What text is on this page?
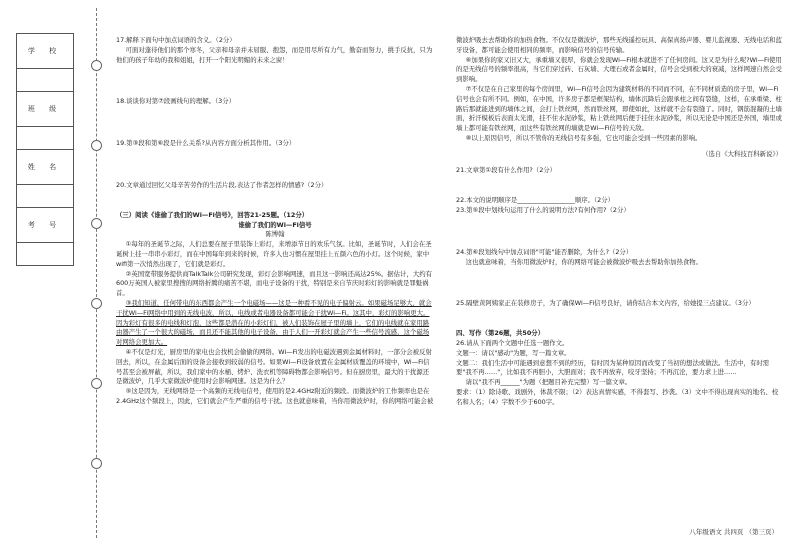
学 校
班 级
姓 名
考 号

17.解释下面句中加点词语的含义。（2分）

可面对蓬待他们的那个寒冬，父亲和母亲并未屈服、抱怨，而是用尽所有力气，勤奋而努力，挑手反抗，只为他们的孩子年幼的我和姐姐，打开一个阳光明媚的未来之窗！

18.谈谈你对第⑦段画线句的理解。（3分）

19.第③段和第⑥段是什么关系?从内容方面分析其作用。（3分）

20.文章通过回忆父母辛苦劳作的生活片段,表达了作者怎样的情感?（2分）

（三）阅读《谁偷了我们的Wi—Fi信号》，回答21-25题。（12分）

谁偷了我们的Wi—Fi信号

陈博翰

①每年的圣诞节之际，人们总要在屋子里装饰上彩灯，来增添节日的欢乐气氛。比如，圣诞节时，人们会在圣诞树上挂一串串小彩灯，而在中国每年到来的时候，许多人也习惯在屋里挂上五颜六色的小灯。这个时候，家中wifi第一次悄然出现了，它们就是彩灯。

②英国宽带服务提供商TalkTalk公司研究发现，彩灯会影响网速，而且这一影响还高达25%。据估计，大约有600万英国人被家里搜搜的网络折腾的痛苦不堪，而电子设备的干扰，特别是来自节庆时彩灯的影响就是罪魁祸首。

③我们知道，任何带电的东西都会产生一个电磁场——这是一种看不见的电子偏射云。如果磁场足够大，就会干扰Wi—Fi网络中用到的无线电波，所以，电线或者电器设备都可能会干扰Wi—Fi。这其中，彩灯的影响更大。因为彩灯有很多的电线和灯泡，这些都是潜在的小彩灯们，被人们装饰在屋子里的墙上，它们的电线就在家用路由器产生了一个很大的磁场，而且还不能其他的电子设备，由于人们一开彩灯就会产生一些信号流感，这个磁场对网络会更加大。

④不仅是灯光，厨房里的家电也会找机会偷偷的网络。Wi—Fi发出的电磁波遇到金属材料时，一部分会被反射回去，所以，在金属后面的设备会接收到较弱的信号。如果Wi—Fi设备放置在金属材质覆盖的环境中，Wi—Fi信号甚至会被屏蔽，所以，我们家中的水桶、烤炉、洗衣机等障碍物都会影响信号。但在厨房里，最大的干扰源还是微波炉，几乎大家微波炉使用时会影响网速。这是为什么？

⑤这是因为，无线网络是一个高频的无线电信号，使用的是2.4GHz附近的频段。而微波炉的工作频率也是在2.4GHz这个频段上，因此，它们就会产生严重的信号干扰。这也就意味着，当你用微波炉时，你的网络可能会被

微波炉吸去去帮助你的加热食物。不仅仅是微波炉，那些无线遥控玩具、高保真扬声器、婴儿监视器、无线电话和蓝牙设备，都可能会使用相同的频率，而影响信号的信号传输。

⑥加果你的家又旧又大，承重墙又很厚，你就会发现Wi—Fi根本就进不了任何房间。这又是为什么呢?Wi—Fi使用的是无线信号的频率很高，当它们穿过砖、石灰墙、大理石或者金属时，信号会受到极大的衰减，这样网速自然会受到影响。

⑦不仅是在自己家里的每个房间里，Wi—Fi信号会因为建筑材料的不同而不同，在不同材质造的房子里，Wi—Fi信号也会有所不同。例如，在中国，许多房子都是框架结构，墙体沉降后会跟承柱之间有裂缝，这样，在承重梁、柱路后那就能进到的墙体之间，会打上铁丝网，然而铁丝网，即使如此，这样就不会有裂缝了。同时，钢筋混凝的土墙面，折汗模板后表面太光滑，挂不住水泥砂浆，粘上铁丝网后便于挂住水泥砂浆，所以无论是中国还是外国，墙里或墙上都可能有铁丝网，而这些有铁丝网的墙就是Wi—Fi信号的天敌。

⑧以上原因信号，所以不管你的无线信号有多强，它也可能会受到一些因素的影响。

（选自《大科技百科新说》）

21.文章第①段有什么作用?（2分）

22.本文的说明顺序是__________________顺序。（2分）

23.第⑤段中划线句运用了什么的说明方法?有何作用?（2分）

24.第⑥段划线句中加点词语"可能"能否删除，为什么?（2分）

这也就意味着，当你用微波炉时，你的网络可能会被微波炉吸去去帮助你加热食物。

25.隔壁黄阿姨家正在装修房子，为了确保Wi—Fi信号良好，请你结合本文内容，给她提三点建议。（3分）

四、写作（第26题，共50分）

26.请从下面两个文题中任选一题作文。

文题一：请以"感动"为题，写一篇文章。

文题二：我们生活中可能遇到意想不到的经历，有时因为某种原因而改变了当初的想法或做法。生活中，有时需要"我不再……"，比如我不再胆小，大胆面对；我不再放弃，咬牙坚持；不再沉沦，要力求上进……

请以"我不再______"为题（把题目补充完整）写一篇文章。

要求：（1）除诗歌、戏剧外，体裁不限；（2）表达真情实感，不得套写、抄袭。（3）文中不得出现真实的地名、校名和人名；（4）字数不少于600字。

八年级语文 共四页 （第三页）
